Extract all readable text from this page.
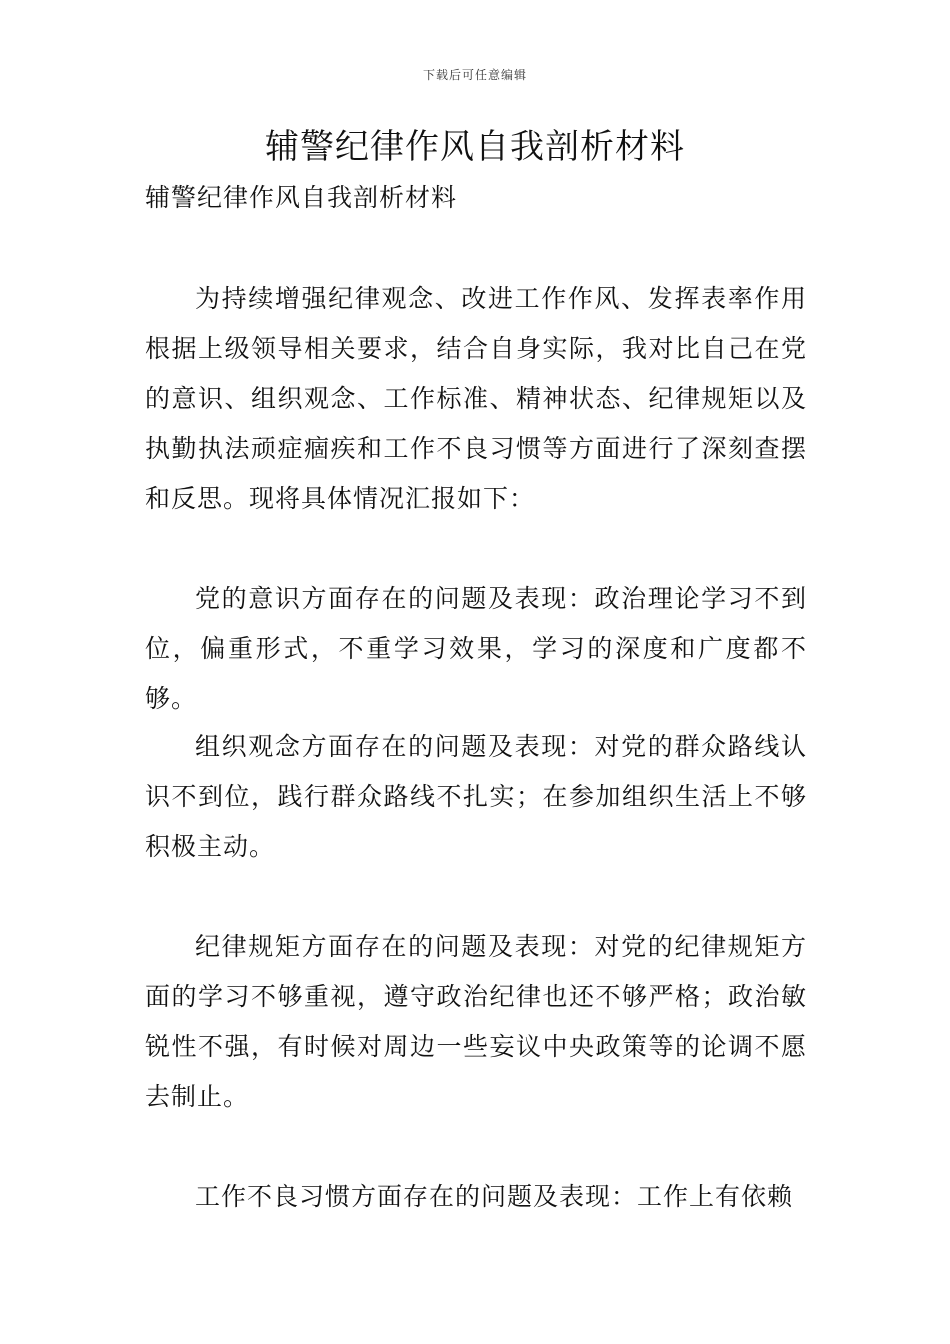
下载后可任意编辑
辅警纪律作风自我剖析材料
辅警纪律作风自我剖析材料

为持续增强纪律观念、改进工作作风、发挥表率作用根据上级领导相关要求，结合自身实际，我对比自己在党的意识、组织观念、工作标准、精神状态、纪律规矩以及执勤执法顽症痼疾和工作不良习惯等方面进行了深刻查摆和反思。现将具体情况汇报如下：

党的意识方面存在的问题及表现：政治理论学习不到位，偏重形式，不重学习效果，学习的深度和广度都不够。

组织观念方面存在的问题及表现：对党的群众路线认识不到位，践行群众路线不扎实；在参加组织生活上不够积极主动。

纪律规矩方面存在的问题及表现：对党的纪律规矩方面的学习不够重视，遵守政治纪律也还不够严格；政治敏锐性不强，有时候对周边一些妄议中央政策等的论调不愿去制止。

工作不良习惯方面存在的问题及表现：工作上有依赖
